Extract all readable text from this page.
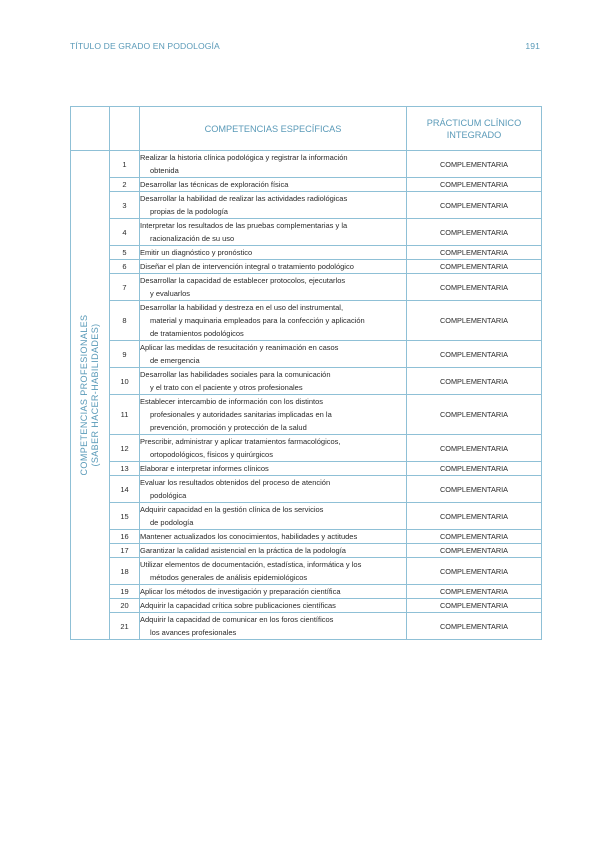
TÍTULO DE GRADO EN PODOLOGÍA	191
		COMPETENCIAS ESPECÍFICAS	PRÁCTICUM CLÍNICO
INTEGRADO

COMPETENCIAS PROFESIONALES (SABER HACER-HABILIDADES)	1	Realizar la historia clínica podológica y registrar la información
obtenida	COMPLEMENTARIA
	2	Desarrollar las técnicas de exploración física	COMPLEMENTARIA
	3	Desarrollar la habilidad de realizar las actividades radiológicas
propias de la podología	COMPLEMENTARIA
	4	Interpretar los resultados de las pruebas complementarias y la
racionalización de su uso	COMPLEMENTARIA
	5	Emitir un diagnóstico y pronóstico	COMPLEMENTARIA
	6	Diseñar el plan de intervención integral o tratamiento podológico	COMPLEMENTARIA
	7	Desarrollar la capacidad de establecer protocolos, ejecutarlos
y evaluarlos	COMPLEMENTARIA
	8	Desarrollar la habilidad y destreza en el uso del instrumental,
material y maquinaria empleados para la confección y aplicación
de tratamientos podológicos	COMPLEMENTARIA
	9	Aplicar las medidas de resucitación y reanimación en casos
de emergencia	COMPLEMENTARIA
	10	Desarrollar las habilidades sociales para la comunicación
y el trato con el paciente y otros profesionales	COMPLEMENTARIA
	11	Establecer intercambio de información con los distintos
profesionales y autoridades sanitarias implicadas en la
prevención, promoción y protección de la salud	COMPLEMENTARIA
	12	Prescribir, administrar y aplicar tratamientos farmacológicos,
ortopodológicos, físicos y quirúrgicos	COMPLEMENTARIA
	13	Elaborar e interpretar informes clínicos	COMPLEMENTARIA
	14	Evaluar los resultados obtenidos del proceso de atención
podológica	COMPLEMENTARIA
	15	Adquirir capacidad en la gestión clínica de los servicios
de podología	COMPLEMENTARIA
	16	Mantener actualizados los conocimientos, habilidades y actitudes	COMPLEMENTARIA
	17	Garantizar la calidad asistencial en la práctica de la podología	COMPLEMENTARIA
	18	Utilizar elementos de documentación, estadística, informática y los
métodos generales de análisis epidemiológicos	COMPLEMENTARIA
	19	Aplicar los métodos de investigación y preparación científica	COMPLEMENTARIA
	20	Adquirir la capacidad crítica sobre publicaciones científicas	COMPLEMENTARIA
	21	Adquirir la capacidad de comunicar en los foros científicos
los avances profesionales	COMPLEMENTARIA
